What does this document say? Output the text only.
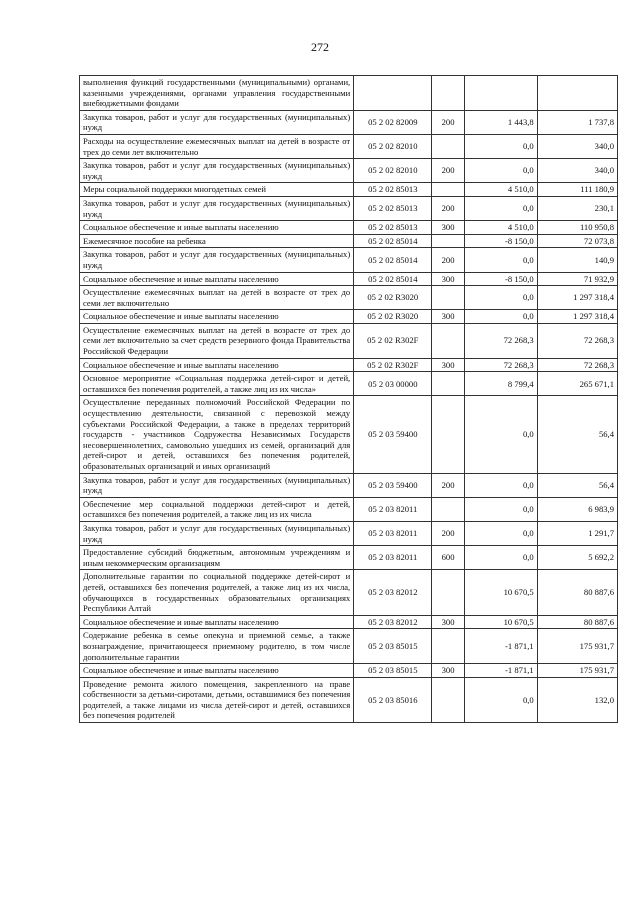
272
выполнения функций государственными (муниципальными) органами, казенными учреждениями, органами управления государственными внебюджетными фондами				
Закупка товаров, работ и услуг для государственных (муниципальных) нужд	05 2 02 82009	200	1 443,8	1 737,8
Расходы на осуществление ежемесячных выплат на детей в возрасте от трех до семи лет включительно	05 2 02 82010		0,0	340,0
Закупка товаров, работ и услуг для государственных (муниципальных) нужд	05 2 02 82010	200	0,0	340,0
Меры социальной поддержки многодетных семей	05 2 02 85013		4 510,0	111 180,9
Закупка товаров, работ и услуг для государственных (муниципальных) нужд	05 2 02 85013	200	0,0	230,1
Социальное обеспечение и иные выплаты населению	05 2 02 85013	300	4 510,0	110 950,8
Ежемесячное пособие на ребенка	05 2 02 85014		-8 150,0	72 073,8
Закупка товаров, работ и услуг для государственных (муниципальных) нужд	05 2 02 85014	200	0,0	140,9
Социальное обеспечение и иные выплаты населению	05 2 02 85014	300	-8 150,0	71 932,9
Осуществление ежемесячных выплат на детей в возрасте от трех до семи лет включительно	05 2 02 R3020		0,0	1 297 318,4
Социальное обеспечение и иные выплаты населению	05 2 02 R3020	300	0,0	1 297 318,4
Осуществление ежемесячных выплат на детей в возрасте от трех до семи лет включительно за счет средств резервного фонда Правительства Российской Федерации	05 2 02 R302F		72 268,3	72 268,3
Социальное обеспечение и иные выплаты населению	05 2 02 R302F	300	72 268,3	72 268,3
Основное мероприятие «Социальная поддержка детей-сирот и детей, оставшихся без попечения родителей, а также лиц из их числа»	05 2 03 00000		8 799,4	265 671,1
Осуществление переданных полномочий Российской Федерации по осуществлению деятельности, связанной с перевозкой между субъектами Российской Федерации, а также в пределах территорий государств - участников Содружества Независимых Государств несовершеннолетних, самовольно ушедших из семей, организаций для детей-сирот и детей, оставшихся без попечения родителей, образовательных организаций и иных организаций	05 2 03 59400		0,0	56,4
Закупка товаров, работ и услуг для государственных (муниципальных) нужд	05 2 03 59400	200	0,0	56,4
Обеспечение мер социальной поддержки детей-сирот и детей, оставшихся без попечения родителей, а также лиц из их числа	05 2 03 82011		0,0	6 983,9
Закупка товаров, работ и услуг для государственных (муниципальных) нужд	05 2 03 82011	200	0,0	1 291,7
Предоставление субсидий бюджетным, автономным учреждениям и иным некоммерческим организациям	05 2 03 82011	600	0,0	5 692,2
Дополнительные гарантии по социальной поддержке детей-сирот и детей, оставшихся без попечения родителей, а также лиц из их числа, обучающихся в государственных образовательных организациях Республики Алтай	05 2 03 82012		10 670,5	80 887,6
Социальное обеспечение и иные выплаты населению	05 2 03 82012	300	10 670,5	80 887,6
Содержание ребенка в семье опекуна и приемной семье, а также вознаграждение, причитающееся приемному родителю, в том числе дополнительные гарантии	05 2 03 85015		-1 871,1	175 931,7
Социальное обеспечение и иные выплаты населению	05 2 03 85015	300	-1 871,1	175 931,7
Проведение ремонта жилого помещения, закрепленного на праве собственности за детьми-сиротами, детьми, оставшимися без попечения родителей, а также лицами из числа детей-сирот и детей, оставшихся без попечения родителей	05 2 03 85016		0,0	132,0
